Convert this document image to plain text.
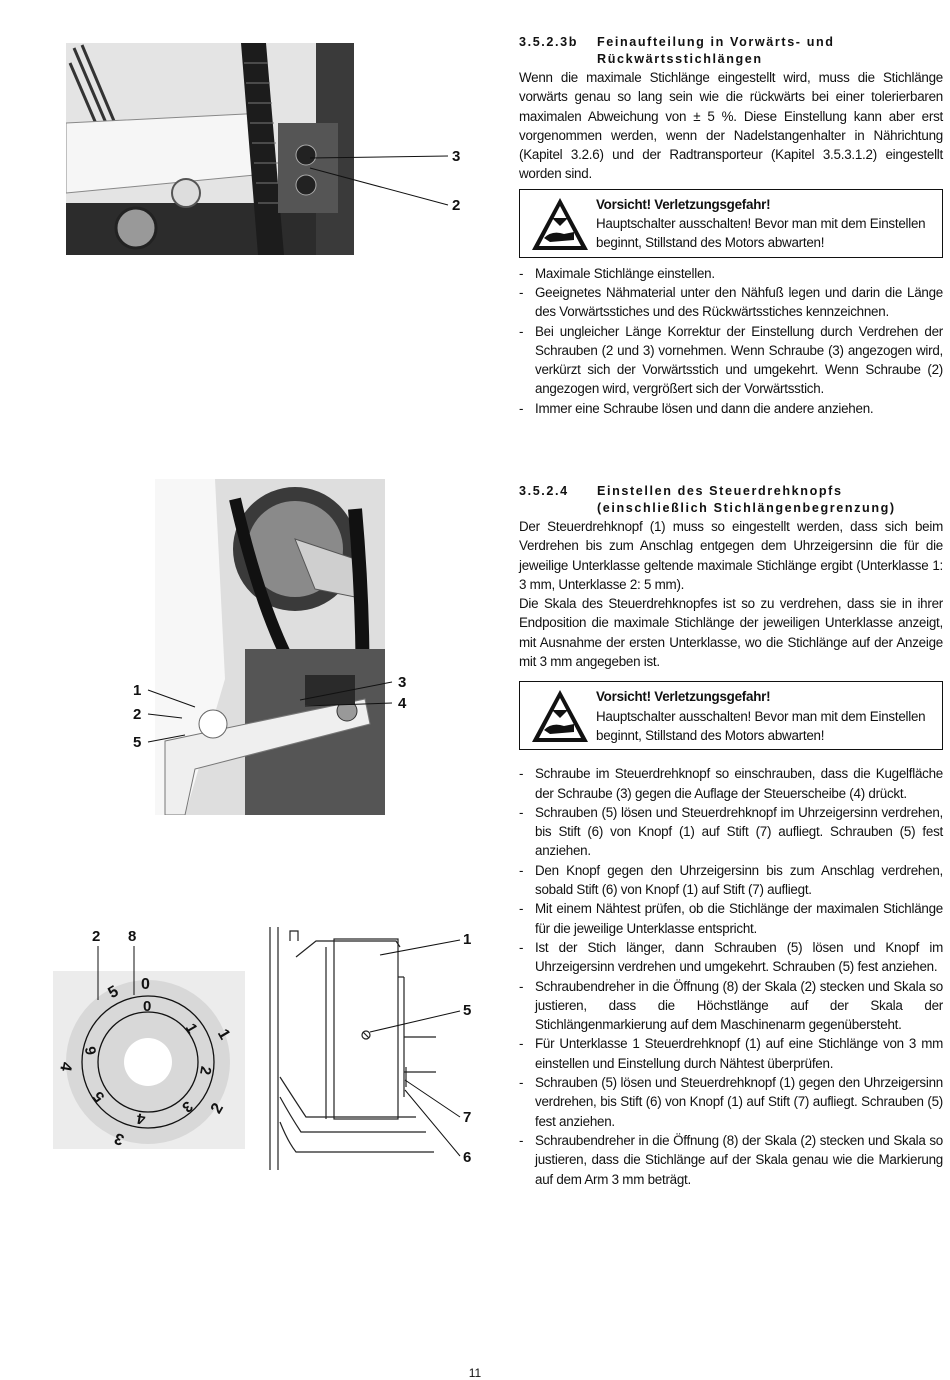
3
2
1
2
5
3
4
0
1
2
3
4
5
0
1
2
3
4
5
6
2 8	1
5
7
6
3.5.2.3b	Feinaufteilung in Vorwärts- und Rückwärtsstichlängen

Wenn die maximale Stichlänge eingestellt wird, muss die Stichlänge vorwärts genau so lang sein wie die rückwärts bei einer tolerierbaren maximalen Abweichung von ± 5 %. Diese Einstellung kann aber erst vorgenommen werden, wenn der Nadelstangenhalter in Nährichtung (Kapitel 3.2.6) und der Radtransporteur (Kapitel 3.5.3.1.2) eingestellt worden sind.

Vorsicht! Verletzungsgefahr!
Hauptschalter ausschalten! Bevor man mit dem Einstellen beginnt, Stillstand des Motors abwarten!
- Maximale Stichlänge einstellen.
- Geeignetes Nähmaterial unter den Nähfuß legen und darin die Länge des Vorwärtsstiches und des Rückwärtsstiches kennzeichnen.
- Bei ungleicher Länge Korrektur der Einstellung durch Verdrehen der Schrauben (2 und 3) vornehmen. Wenn Schraube (3) angezogen wird, verkürzt sich der Vorwärtsstich und umgekehrt. Wenn Schraube (2) angezogen wird, vergrößert sich der Vorwärtsstich.
- Immer eine Schraube lösen und dann die andere anziehen.
3.5.2.4	Einstellen des Steuerdrehknopfs (einschließlich Stichlängenbegrenzung)

Der Steuerdrehknopf (1) muss so eingestellt werden, dass sich beim Verdrehen bis zum Anschlag entgegen dem Uhrzeigersinn die für die jeweilige Unterklasse geltende maximale Stichlänge ergibt (Unterklasse 1: 3 mm, Unterklasse 2: 5 mm).

Die Skala des Steuerdrehknopfes ist so zu verdrehen, dass sie in ihrer Endposition die maximale Stichlänge der jeweiligen Unterklasse anzeigt, mit Ausnahme der ersten Unterklasse, wo die Stichlänge auf der Anzeige mit 3 mm angegeben ist.

Vorsicht! Verletzungsgefahr!
Hauptschalter ausschalten! Bevor man mit dem Einstellen beginnt, Stillstand des Motors abwarten!
- Schraube im Steuerdrehknopf so einschrauben, dass die Kugelfläche der Schraube (3) gegen die Auflage der Steuerscheibe (4) drückt.
- Schrauben (5) lösen und Steuerdrehknopf im Uhrzeigersinn verdrehen, bis Stift (6) von Knopf (1) auf Stift (7) aufliegt. Schrauben (5) fest anziehen.
- Den Knopf gegen den Uhrzeigersinn bis zum Anschlag verdrehen, sobald Stift (6) von Knopf (1) auf Stift (7) aufliegt.
- Mit einem Nähtest prüfen, ob die Stichlänge der maximalen Stichlänge für die jeweilige Unterklasse entspricht.
- Ist der Stich länger, dann Schrauben (5) lösen und Knopf im Uhrzeigersinn verdrehen und umgekehrt. Schrauben (5) fest anziehen.
- Schraubendreher in die Öffnung (8) der Skala (2) stecken und Skala so justieren, dass die Höchstlänge auf der Skala der Stichlängenmarkierung auf dem Maschinenarm gegenübersteht.
- Für Unterklasse 1 Steuerdrehknopf (1) auf eine Stichlänge von 3 mm einstellen und Einstellung durch Nähtest überprüfen.
- Schrauben (5) lösen und Steuerdrehknopf (1) gegen den Uhrzeigersinn verdrehen, bis Stift (6) von Knopf (1) auf Stift (7) aufliegt. Schrauben (5) fest anziehen.
- Schraubendreher in die Öffnung (8) der Skala (2) stecken und Skala so justieren, dass die Stichlänge auf der Skala genau wie die Markierung auf dem Arm 3 mm beträgt.
11
